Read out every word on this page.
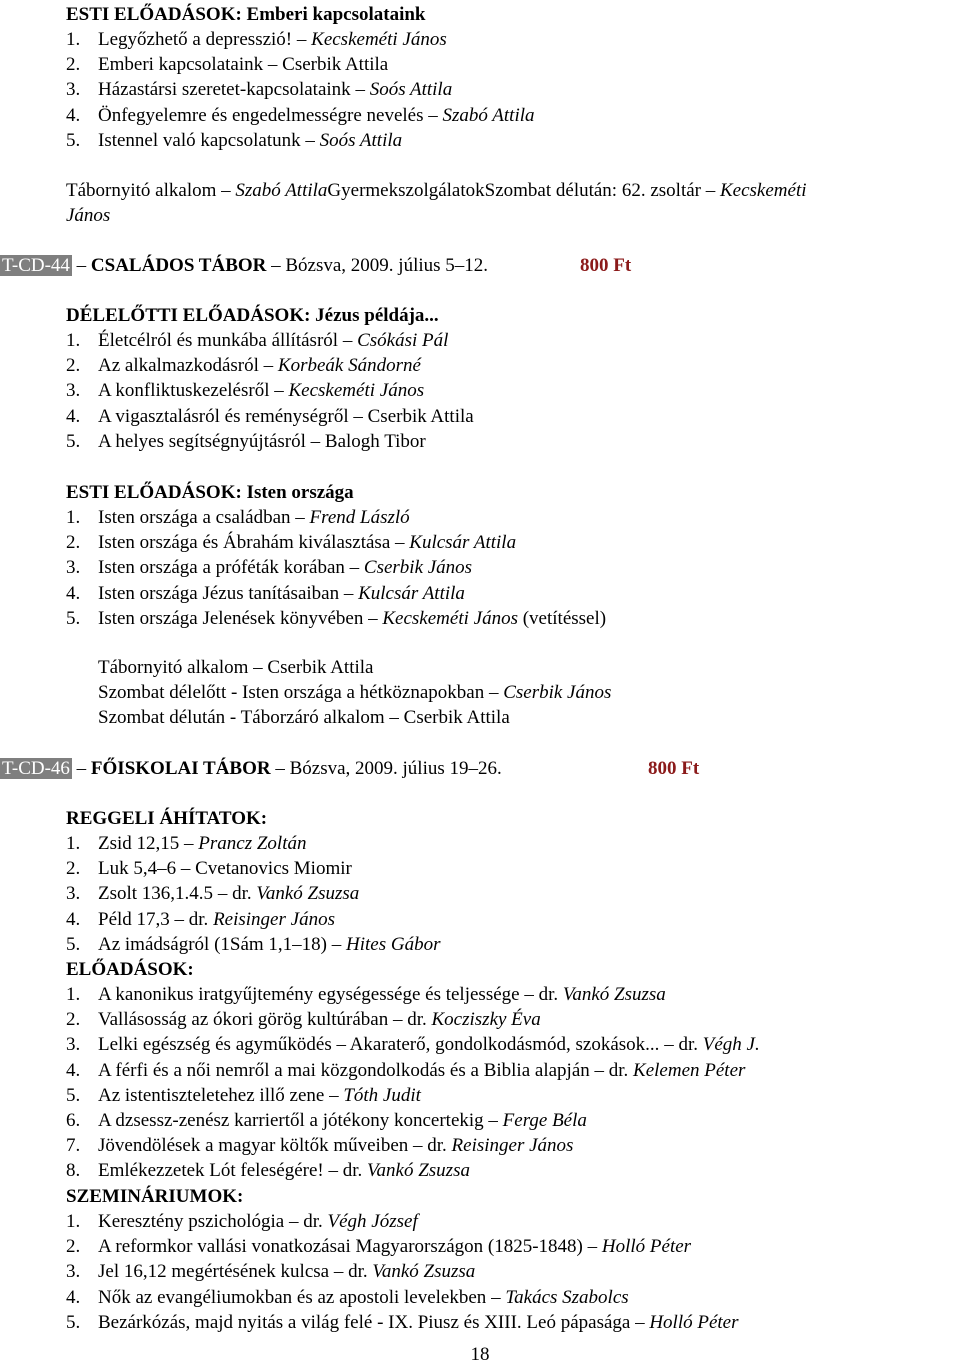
ESTI ELŐADÁSOK: Emberi kapcsolataink
1. Legyőzhető a depresszió! – Kecskeméti János
2. Emberi kapcsolataink – Cserbik Attila
3. Házastársi szeretet-kapcsolataink – Soós Attila
4. Önfegyelemre és engedelmességre nevelés – Szabó Attila
5. Istennel való kapcsolatunk – Soós Attila
Tábornyitó alkalom – Szabó AttilaGyermekszolgálatokSzombat délután: 62. zsoltár – Kecskeméti
János
T-CD-44 – CSALÁDOS TÁBOR – Bózsva, 2009. július 5–12.	800 Ft
DÉLELŐTTI ELŐADÁSOK: Jézus példája...
1. Életcélról és munkába állításról – Csókási Pál
2. Az alkalmazkodásról – Korbeák Sándorné
3. A konfliktuskezelésről – Kecskeméti János
4. A vigasztalásról és reménységről – Cserbik Attila
5. A helyes segítségnyújtásról – Balogh Tibor
ESTI ELŐADÁSOK: Isten országa
1. Isten országa a családban – Frend László
2. Isten országa és Ábrahám kiválasztása – Kulcsár Attila
3. Isten országa a próféták korában – Cserbik János
4. Isten országa Jézus tanításaiban – Kulcsár Attila
5. Isten országa Jelenések könyvében – Kecskeméti János (vetítéssel)
Tábornyitó alkalom – Cserbik Attila
Szombat délelőtt - Isten országa a hétköznapokban – Cserbik János
Szombat délután - Táborzáró alkalom – Cserbik Attila
T-CD-46 – FŐISKOLAI TÁBOR – Bózsva, 2009. július 19–26.	800 Ft
REGGELI ÁHÍTATOK:
1. Zsid 12,15 – Prancz Zoltán
2. Luk 5,4–6 – Cvetanovics Miomir
3. Zsolt 136,1.4.5 – dr. Vankó Zsuzsa
4. Péld 17,3 – dr. Reisinger János
5. Az imádságról (1Sám 1,1–18) – Hites Gábor
ELŐADÁSOK:
1. A kanonikus iratgyűjtemény egységessége és teljessége – dr. Vankó Zsuzsa
2. Vallásosság az ókori görög kultúrában – dr. Kocziszky Éva
3. Lelki egészség és agyműködés – Akaraterő, gondolkodásmód, szokások... – dr. Végh J.
4. A férfi és a női nemről a mai közgondolkodás és a Biblia alapján – dr. Kelemen Péter
5. Az istentiszteletehez illő zene – Tóth Judit
6. A dzsessz-zenész karriertől a jótékony koncertekig – Ferge Béla
7. Jövendölések a magyar költők műveiben – dr. Reisinger János
8. Emlékezzetek Lót feleségére! – dr. Vankó Zsuzsa
SZEMINÁRIUMOK:
1. Keresztény pszichológia – dr. Végh József
2. A reformkor vallási vonatkozásai Magyarországon (1825-1848) – Holló Péter
3. Jel 16,12 megértésének kulcsa – dr. Vankó Zsuzsa
4. Nők az evangéliumokban és az apostoli levelekben – Takács Szabolcs
5. Bezárkózás, majd nyitás a világ felé - IX. Piusz és XIII. Leó pápasága – Holló Péter
18
